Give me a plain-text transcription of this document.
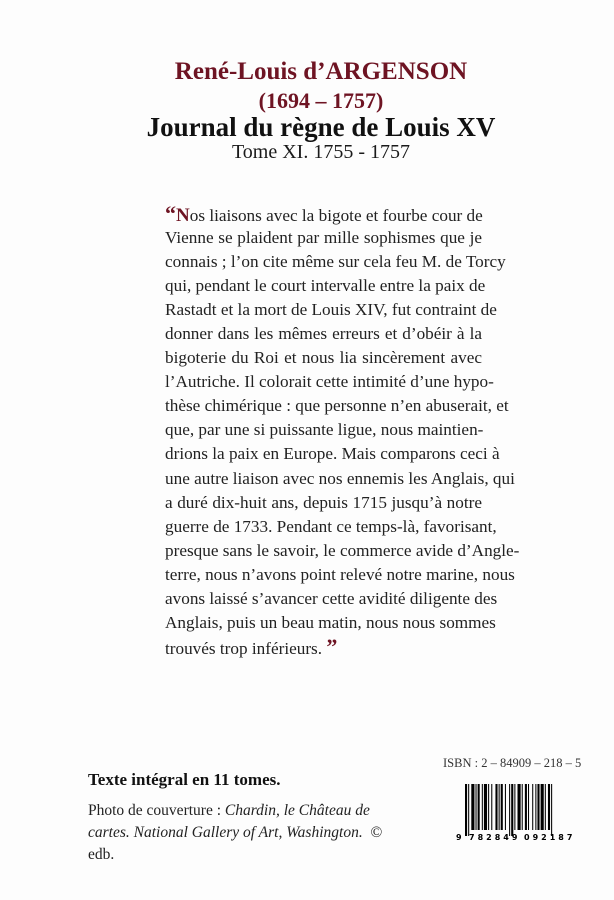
René-Louis d’ARGENSON
(1694 – 1757)
Journal du règne de Louis XV
Tome XI. 1755 - 1757
“Nos liaisons avec la bigote et fourbe cour de
Vienne se plaident par mille sophismes que je
connais ; l’on cite même sur cela feu M. de Torcy
qui, pendant le court intervalle entre la paix de
Rastadt et la mort de Louis XIV, fut contraint de
donner dans les mêmes erreurs et d’obéir à la
bigoterie du Roi et nous lia sincèrement avec
l’Autriche. Il colorait cette intimité d’une hypo-
thèse chimérique : que personne n’en abuserait, et
que, par une si puissante ligue, nous maintien-
drions la paix en Europe. Mais comparons ceci à
une autre liaison avec nos ennemis les Anglais, qui
a duré dix-huit ans, depuis 1715 jusqu’à notre
guerre de 1733. Pendant ce temps-là, favorisant,
presque sans le savoir, le commerce avide d’Angle-
terre, nous n’avons point relevé notre marine, nous
avons laissé s’avancer cette avidité diligente des
Anglais, puis un beau matin, nous nous sommes
trouvés trop inférieurs. ”
Texte intégral en 11 tomes.
Photo de couverture : Chardin, le Château de
cartes. National Gallery of Art, Washington. © edb.
ISBN : 2 – 84909 – 218 – 5
9 782849 092187
